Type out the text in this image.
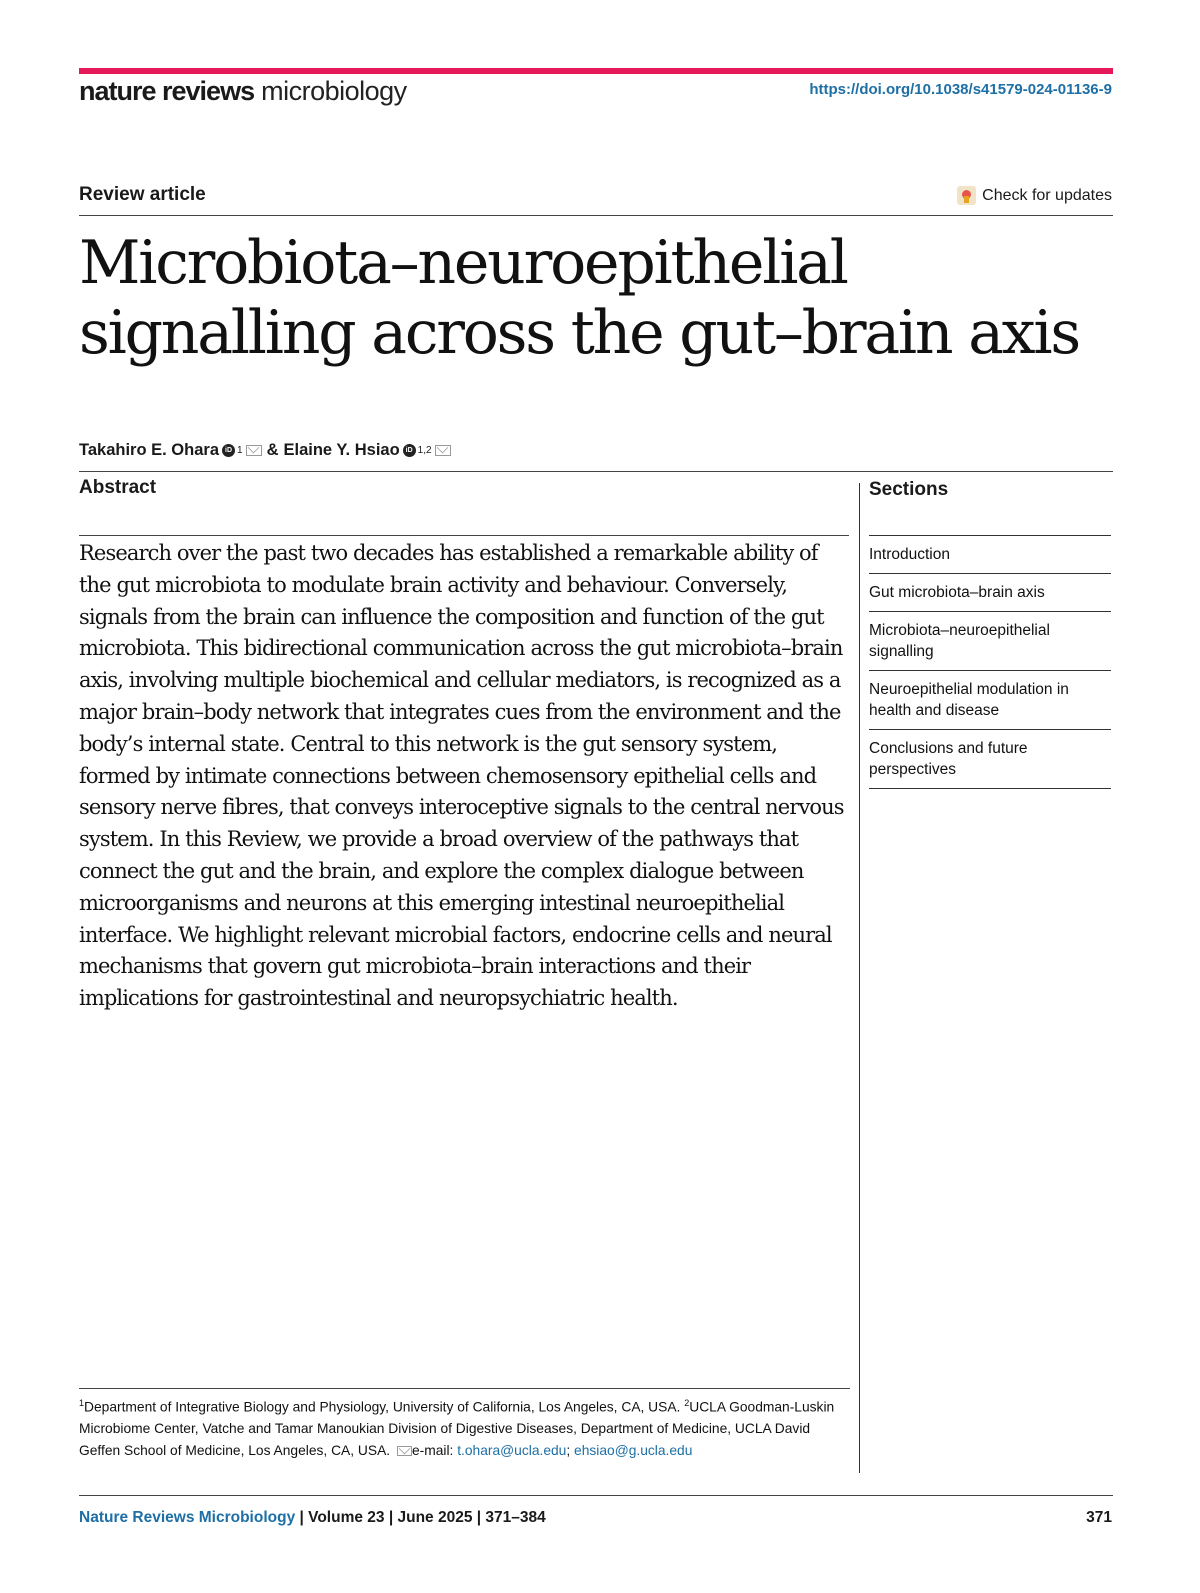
nature reviews microbiology	https://doi.org/10.1038/s41579-024-01136-9
Review article	Check for updates
Microbiota–neuroepithelial signalling across the gut–brain axis
Takahiro E. Ohara iD 1 & Elaine Y. Hsiao iD 1,2
Abstract

Research over the past two decades has established a remarkable ability of the gut microbiota to modulate brain activity and behaviour. Conversely, signals from the brain can influence the composition and function of the gut microbiota. This bidirectional communication across the gut microbiota–brain axis, involving multiple biochemical and cellular mediators, is recognized as a major brain–body network that integrates cues from the environment and the body’s internal state. Central to this network is the gut sensory system, formed by intimate connections between chemosensory epithelial cells and sensory nerve fibres, that conveys interoceptive signals to the central nervous system. In this Review, we provide a broad overview of the pathways that connect the gut and the brain, and explore the complex dialogue between microorganisms and neurons at this emerging intestinal neuroepithelial interface. We highlight relevant microbial factors, endocrine cells and neural mechanisms that govern gut microbiota–brain interactions and their implications for gastrointestinal and neuropsychiatric health.

Sections
Introduction
Gut microbiota–brain axis
Microbiota–neuroepithelial signalling
Neuroepithelial modulation in health and disease
Conclusions and future perspectives
$^1$Department of Integrative Biology and Physiology, University of California, Los Angeles, CA, USA. $^2$UCLA Goodman-Luskin Microbiome Center, Vatche and Tamar Manoukian Division of Digestive Diseases, Department of Medicine, UCLA David Geffen School of Medicine, Los Angeles, CA, USA. e-mail: t.ohara@ucla.edu; ehsiao@g.ucla.edu
Nature Reviews Microbiology | Volume 23 | June 2025 | 371–384	371
